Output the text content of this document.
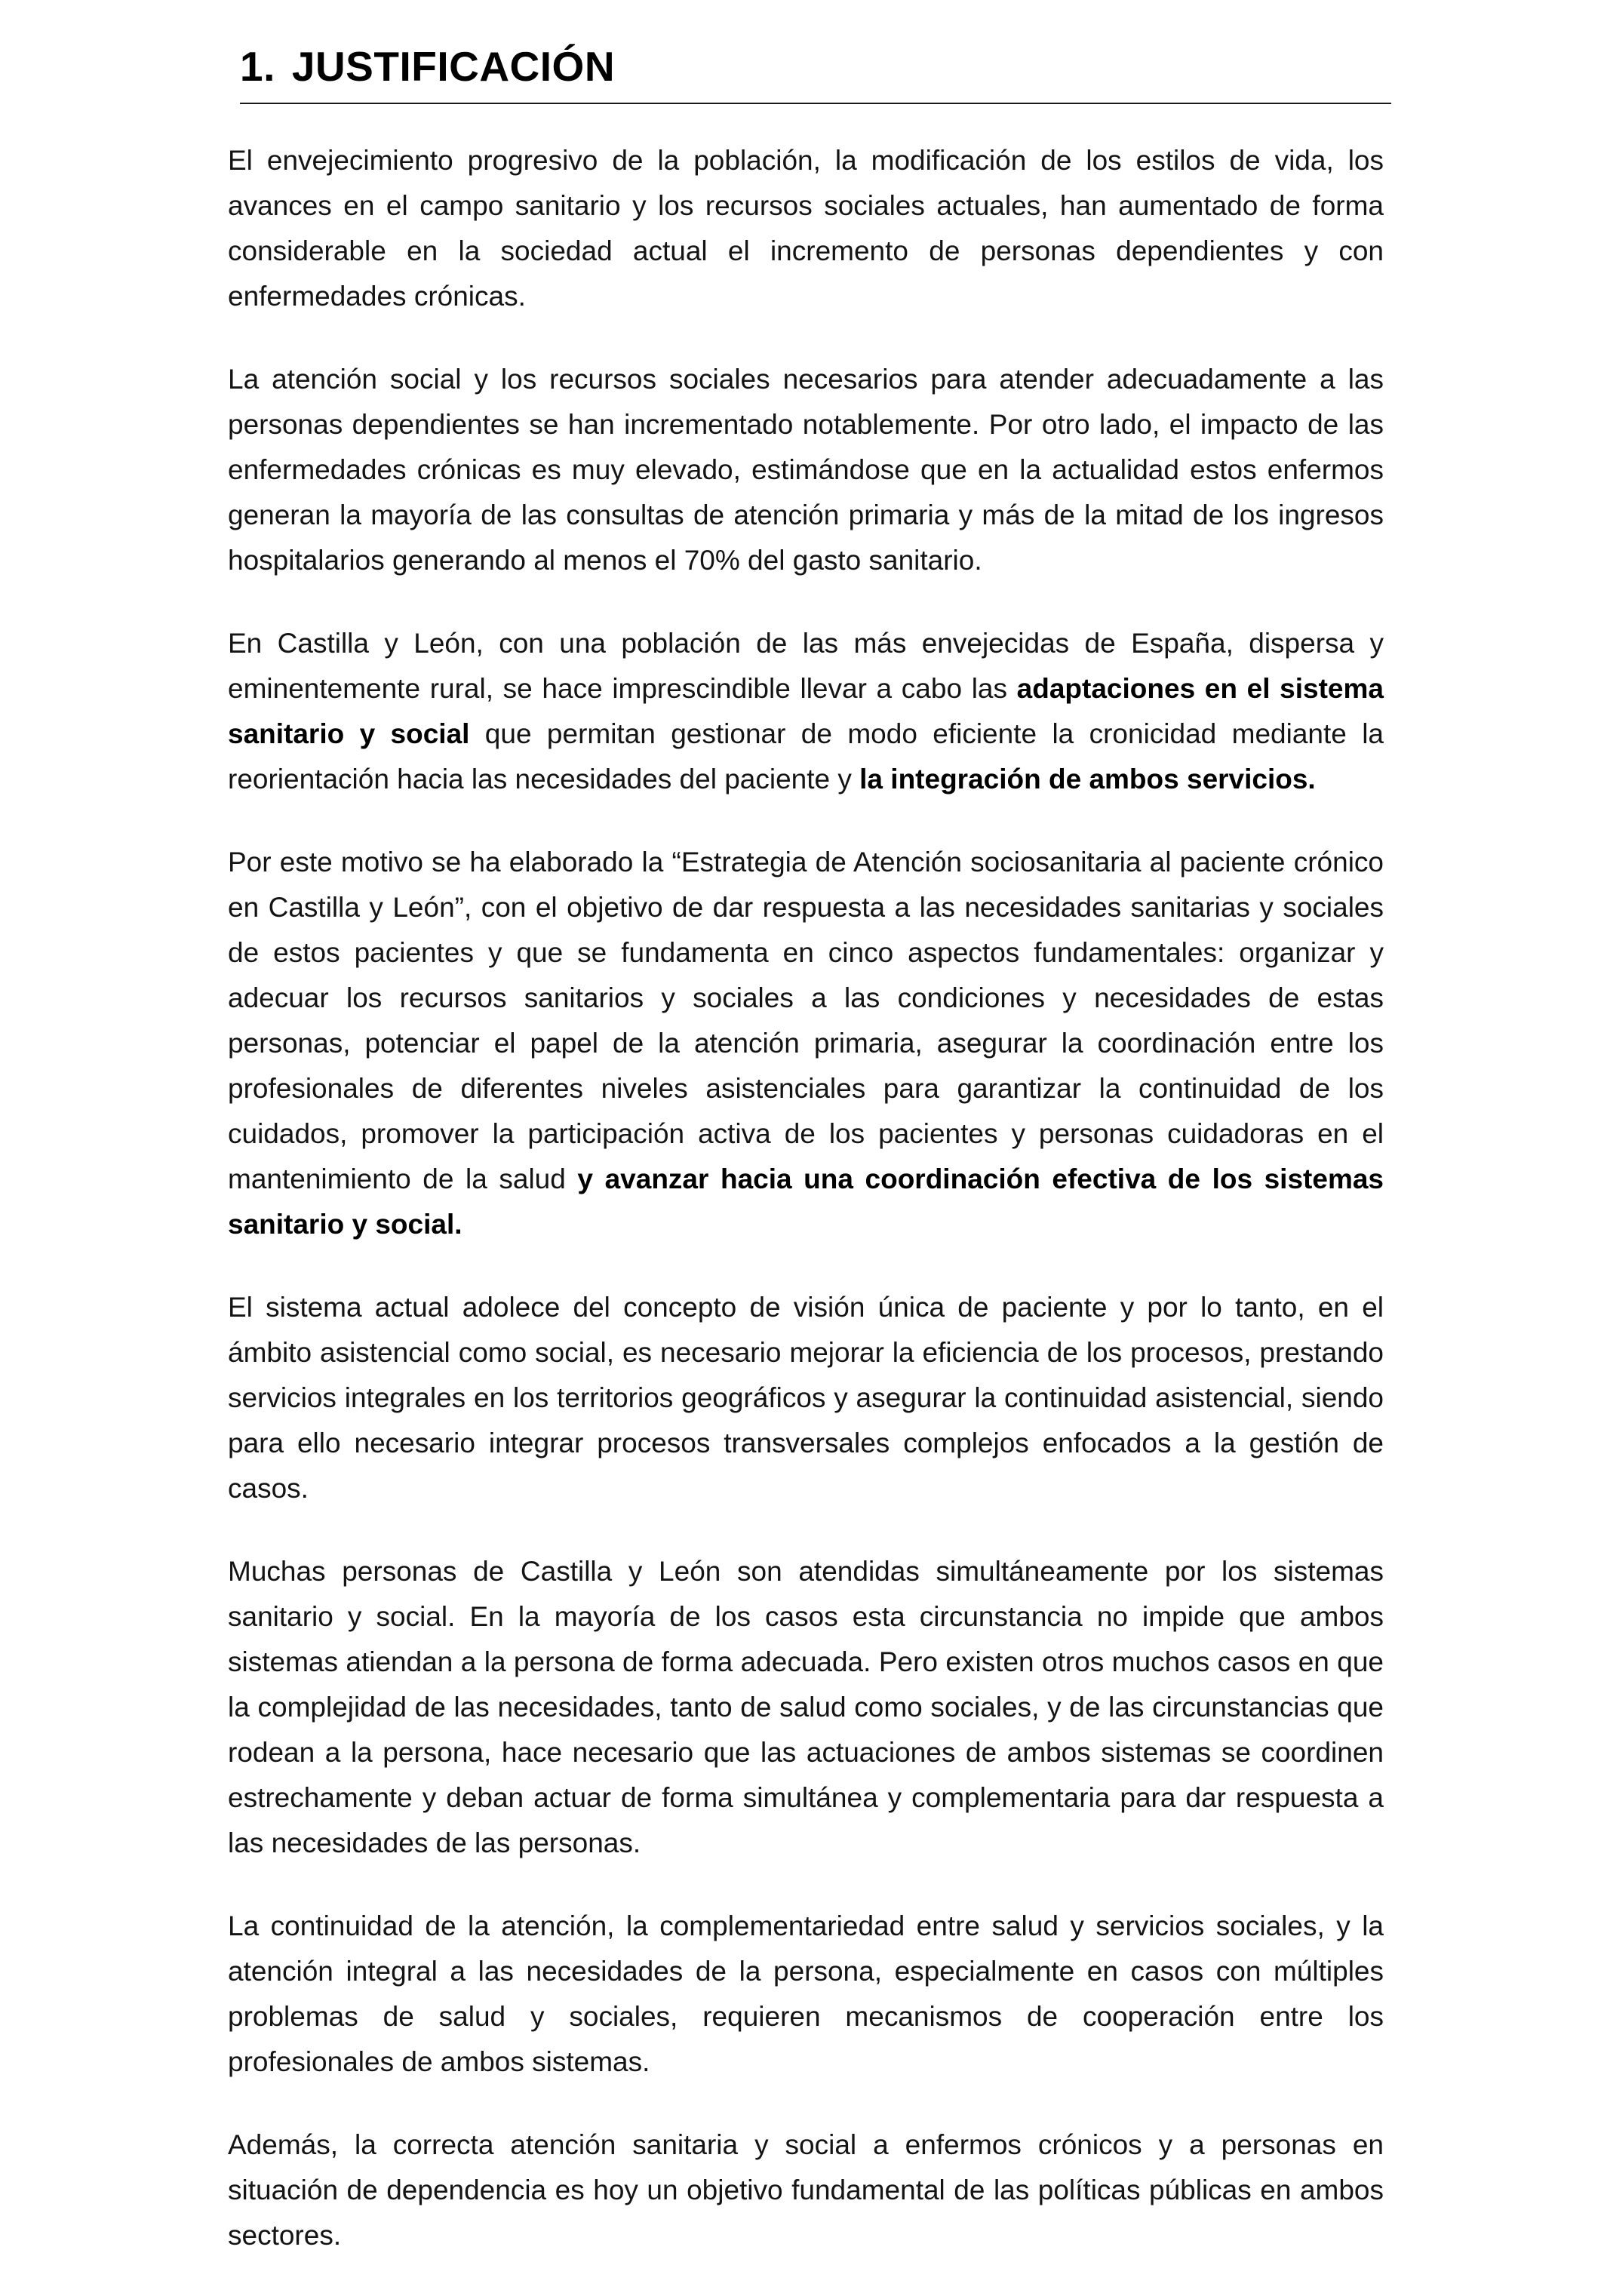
1. JUSTIFICACIÓN

El envejecimiento progresivo de la población, la modificación de los estilos de vida, los avances en el campo sanitario y los recursos sociales actuales, han aumentado de forma considerable en la sociedad actual el incremento de personas dependientes y con enfermedades crónicas.

La atención social y los recursos sociales necesarios para atender adecuadamente a las personas dependientes se han incrementado notablemente. Por otro lado, el impacto de las enfermedades crónicas es muy elevado, estimándose que en la actualidad estos enfermos generan la mayoría de las consultas de atención primaria y más de la mitad de los ingresos hospitalarios generando al menos el 70% del gasto sanitario.

En Castilla y León, con una población de las más envejecidas de España, dispersa y eminentemente rural, se hace imprescindible llevar a cabo las adaptaciones en el sistema sanitario y social que permitan gestionar de modo eficiente la cronicidad mediante la reorientación hacia las necesidades del paciente y la integración de ambos servicios.

Por este motivo se ha elaborado la “Estrategia de Atención sociosanitaria al paciente crónico en Castilla y León”, con el objetivo de dar respuesta a las necesidades sanitarias y sociales de estos pacientes y que se fundamenta en cinco aspectos fundamentales: organizar y adecuar los recursos sanitarios y sociales a las condiciones y necesidades de estas personas, potenciar el papel de la atención primaria, asegurar la coordinación entre los profesionales de diferentes niveles asistenciales para garantizar la continuidad de los cuidados, promover la participación activa de los pacientes y personas cuidadoras en el mantenimiento de la salud y avanzar hacia una coordinación efectiva de los sistemas sanitario y social.

El sistema actual adolece del concepto de visión única de paciente y por lo tanto, en el ámbito asistencial como social, es necesario mejorar la eficiencia de los procesos, prestando servicios integrales en los territorios geográficos y asegurar la continuidad asistencial, siendo para ello necesario integrar procesos transversales complejos enfocados a la gestión de casos.

Muchas personas de Castilla y León son atendidas simultáneamente por los sistemas sanitario y social. En la mayoría de los casos esta circunstancia no impide que ambos sistemas atiendan a la persona de forma adecuada. Pero existen otros muchos casos en que la complejidad de las necesidades, tanto de salud como sociales, y de las circunstancias que rodean a la persona, hace necesario que las actuaciones de ambos sistemas se coordinen estrechamente y deban actuar de forma simultánea y complementaria para dar respuesta a las necesidades de las personas.

La continuidad de la atención, la complementariedad entre salud y servicios sociales, y la atención integral a las necesidades de la persona, especialmente en casos con múltiples problemas de salud y sociales, requieren mecanismos de cooperación entre los profesionales de ambos sistemas.

Además, la correcta atención sanitaria y social a enfermos crónicos y a personas en situación de dependencia es hoy un objetivo fundamental de las políticas públicas en ambos sectores.
